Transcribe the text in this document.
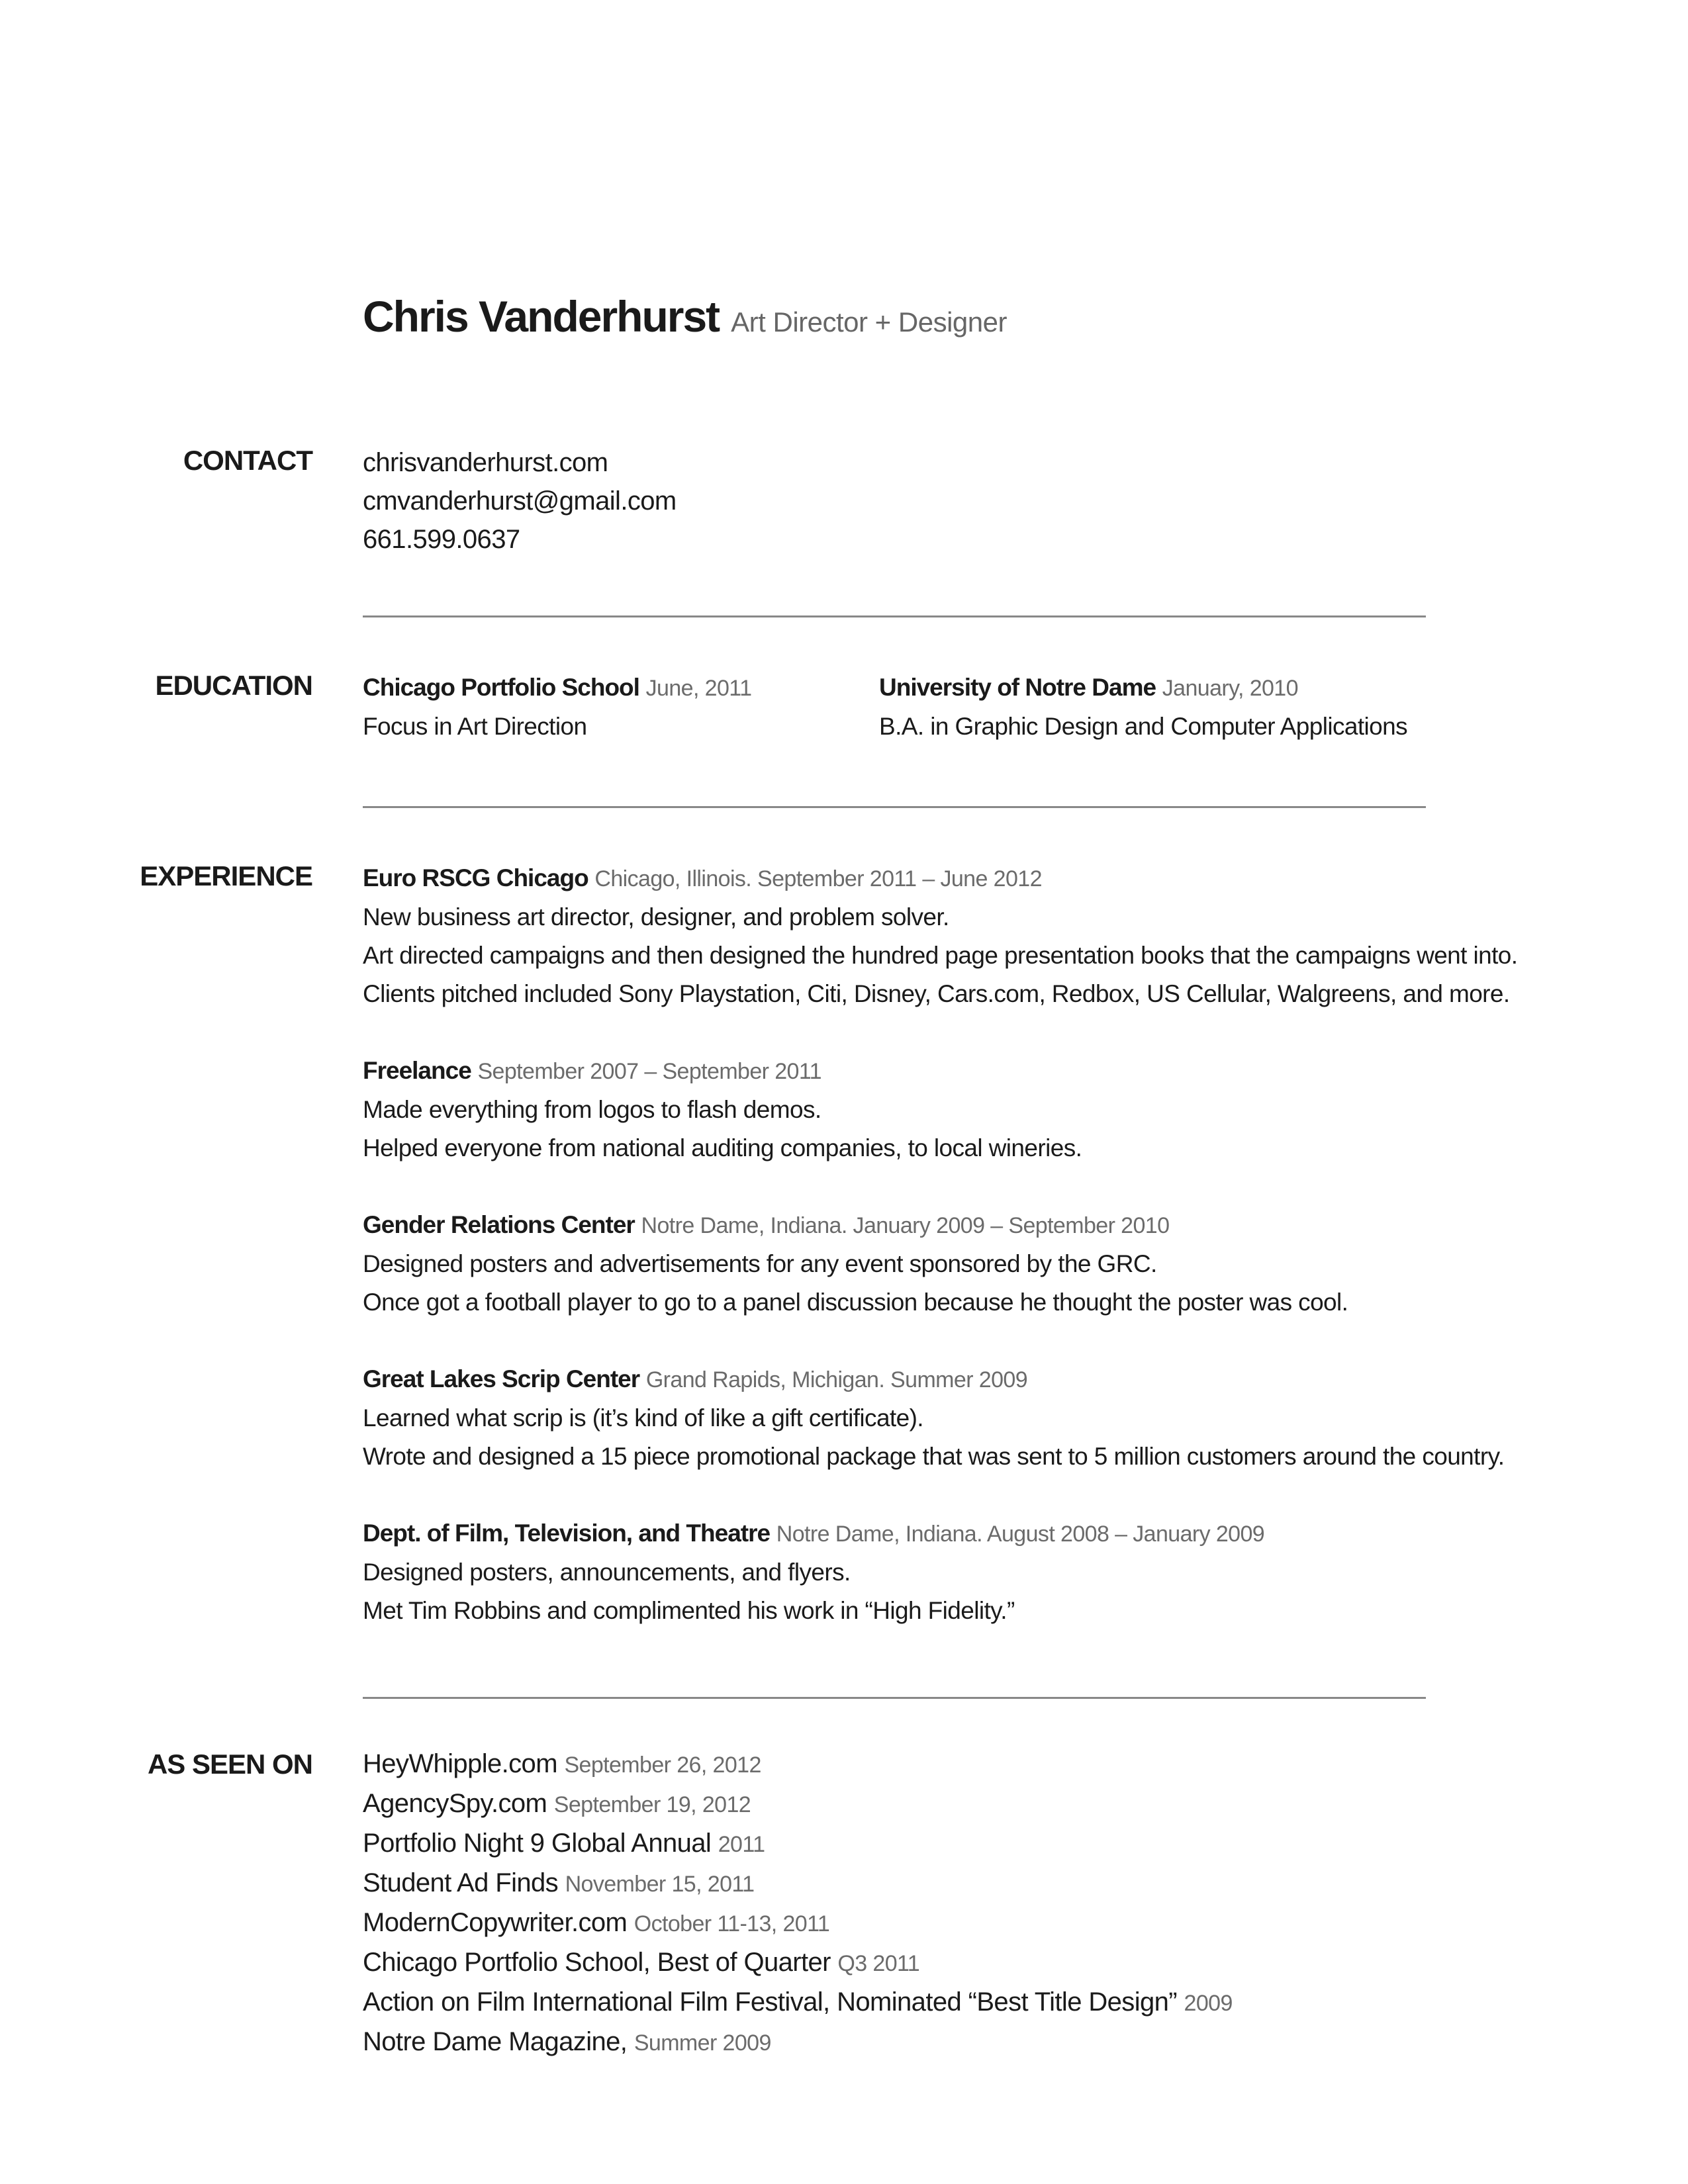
Chris Vanderhurst Art Director + Designer
CONTACT chrisvanderhurst.com
cmvanderhurst@gmail.com
661.599.0637
EDUCATION Chicago Portfolio School June, 2011
Focus in Art Direction
University of Notre Dame January, 2010
B.A. in Graphic Design and Computer Applications
EXPERIENCE Euro RSCG Chicago Chicago, Illinois. September 2011 – June 2012
New business art director, designer, and problem solver.
Art directed campaigns and then designed the hundred page presentation books that the campaigns went into.
Clients pitched included Sony Playstation, Citi, Disney, Cars.com, Redbox, US Cellular, Walgreens, and more.
Freelance September 2007 – September 2011
Made everything from logos to flash demos.
Helped everyone from national auditing companies, to local wineries.
Gender Relations Center Notre Dame, Indiana. January 2009 – September 2010
Designed posters and advertisements for any event sponsored by the GRC.
Once got a football player to go to a panel discussion because he thought the poster was cool.
Great Lakes Scrip Center Grand Rapids, Michigan. Summer 2009
Learned what scrip is (it’s kind of like a gift certificate).
Wrote and designed a 15 piece promotional package that was sent to 5 million customers around the country.
Dept. of Film, Television, and Theatre Notre Dame, Indiana. August 2008 – January 2009
Designed posters, announcements, and flyers.
Met Tim Robbins and complimented his work in “High Fidelity.”
AS SEEN ON HeyWhipple.com September 26, 2012
AgencySpy.com September 19, 2012
Portfolio Night 9 Global Annual 2011
Student Ad Finds November 15, 2011
ModernCopywriter.com October 11-13, 2011
Chicago Portfolio School, Best of Quarter Q3 2011
Action on Film International Film Festival, Nominated “Best Title Design” 2009
Notre Dame Magazine, Summer 2009
